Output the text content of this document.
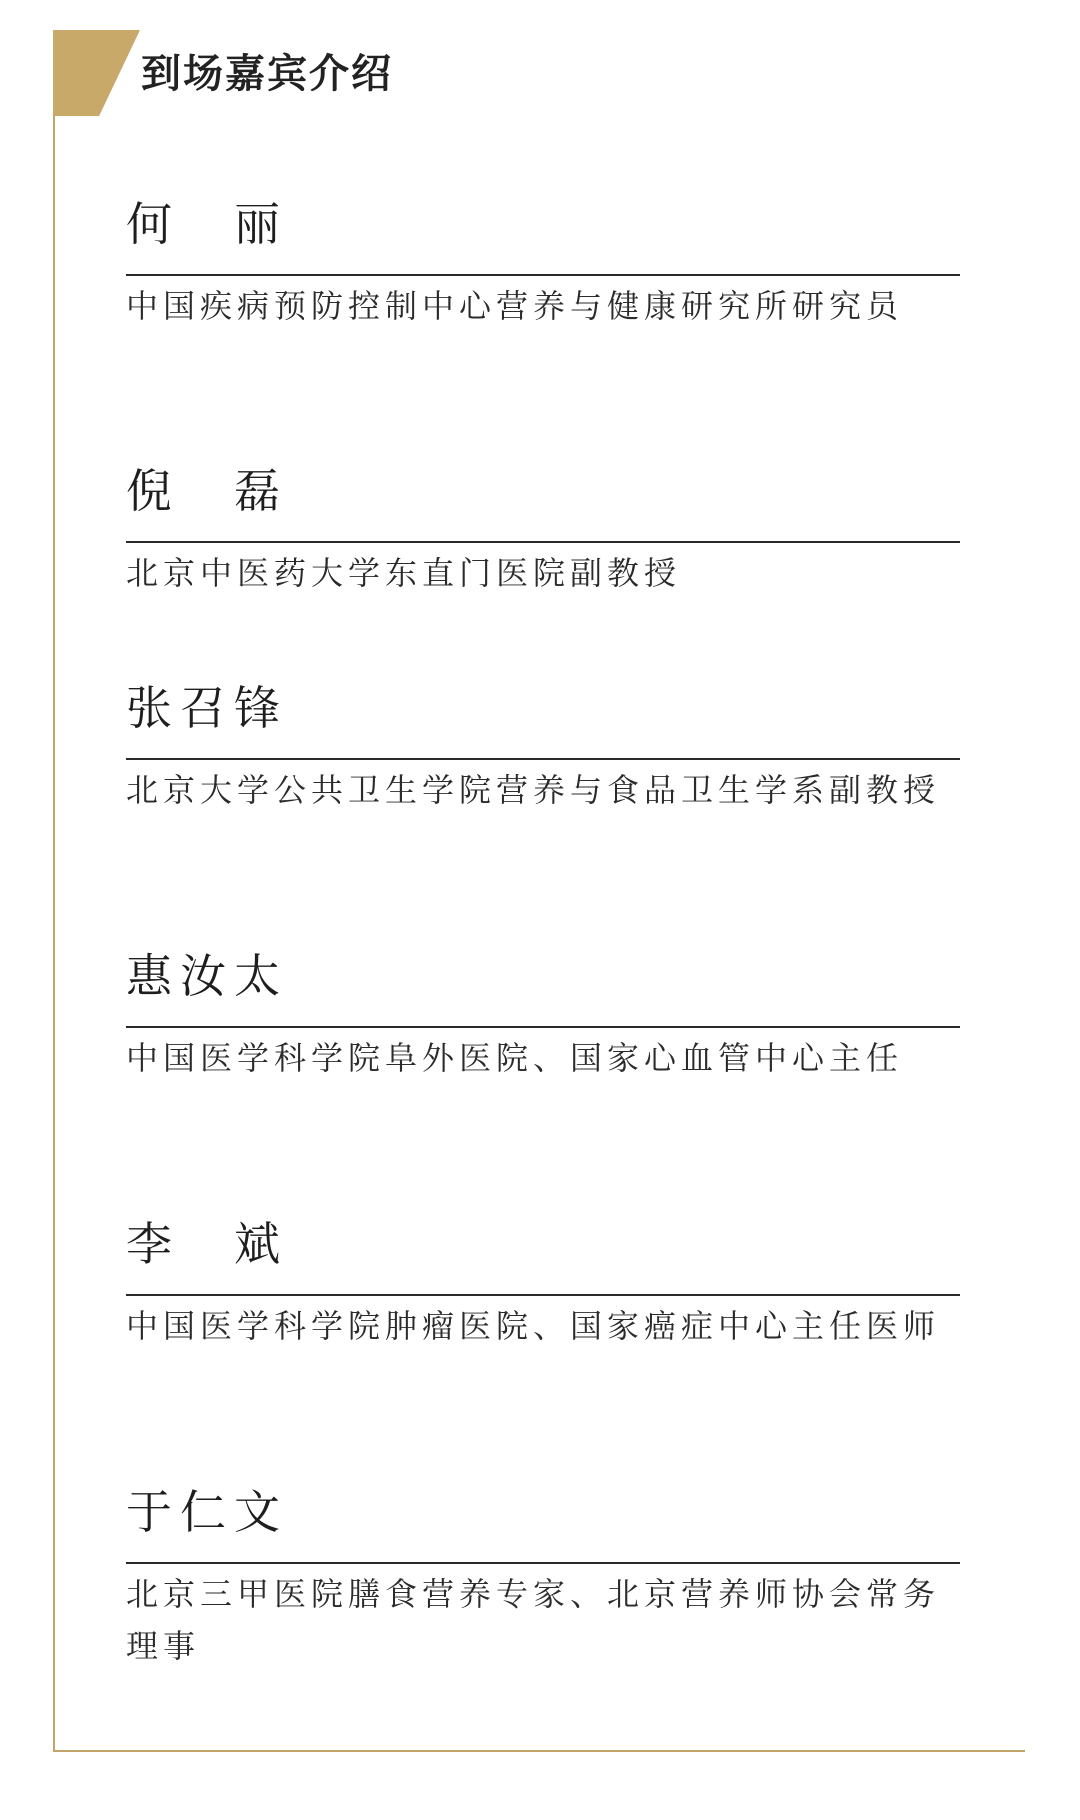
到场嘉宾介绍
何　丽
中国疾病预防控制中心营养与健康研究所研究员
倪　磊
北京中医药大学东直门医院副教授
张召锋
北京大学公共卫生学院营养与食品卫生学系副教授
惠汝太
中国医学科学院阜外医院、国家心血管中心主任
李　斌
中国医学科学院肿瘤医院、国家癌症中心主任医师
于仁文
北京三甲医院膳食营养专家、北京营养师协会常务理事
